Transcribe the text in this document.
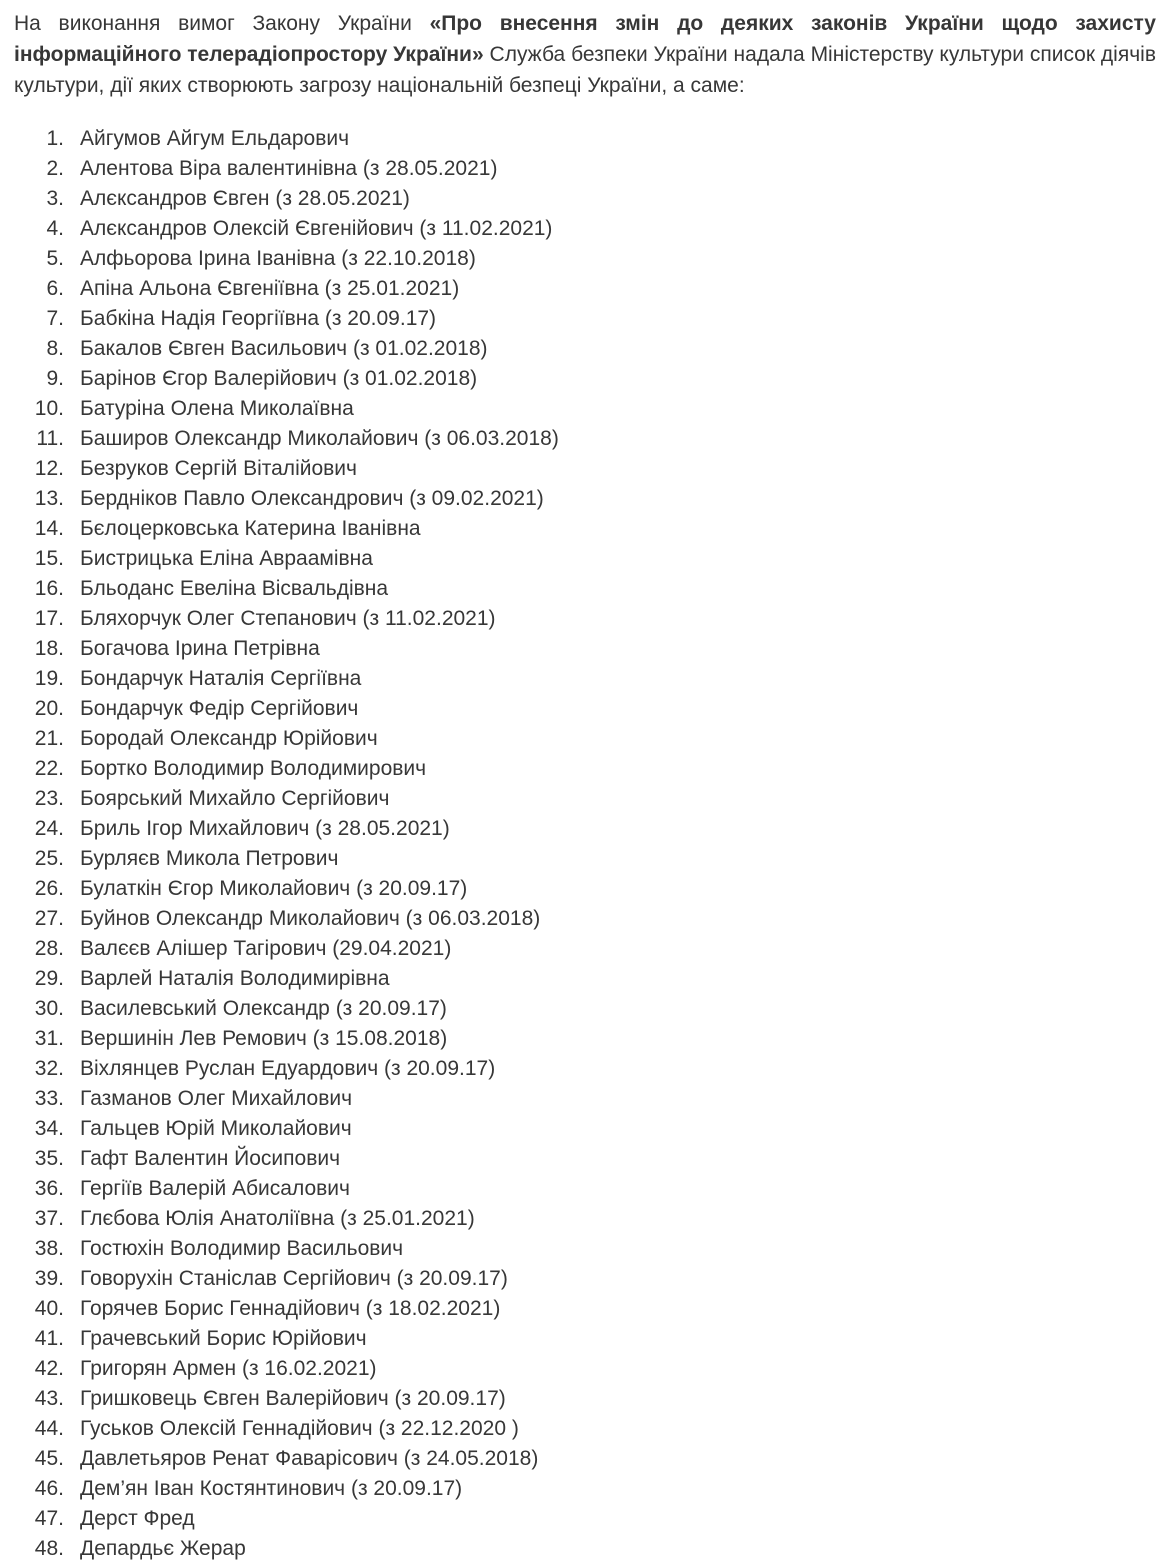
На виконання вимог Закону України «Про внесення змін до деяких законів України щодо захисту інформаційного телерадіопростору України» Служба безпеки України надала Міністерству культури список діячів культури, дії яких створюють загрозу національній безпеці України, а саме:

1. Айгумов Айгум Ельдарович
2. Алентова Віра валентинівна (з 28.05.2021)
3. Алєксандров Євген (з 28.05.2021)
4. Алєксандров Олексій Євгенійович (з 11.02.2021)
5. Алфьорова Ірина Іванівна (з 22.10.2018)
6. Апіна Альона Євгеніївна (з 25.01.2021)
7. Бабкіна Надія Георгіївна (з 20.09.17)
8. Бакалов Євген Васильович (з 01.02.2018)
9. Барінов Єгор Валерійович (з 01.02.2018)
10. Батуріна Олена Миколаївна
11. Баширов Олександр Миколайович (з 06.03.2018)
12. Безруков Сергій Віталійович
13. Бердніков Павло Олександрович (з 09.02.2021)
14. Бєлоцерковська Катерина Іванівна
15. Бистрицька Еліна Авраамівна
16. Бльоданс Евеліна Вісвальдівна
17. Бляхорчук Олег Степанович (з 11.02.2021)
18. Богачова Ірина Петрівна
19. Бондарчук Наталія Сергіївна
20. Бондарчук Федір Сергійович
21. Бородай Олександр Юрійович
22. Бортко Володимир Володимирович
23. Боярський Михайло Сергійович
24. Бриль Ігор Михайлович (з 28.05.2021)
25. Бурляєв Микола Петрович
26. Булаткін Єгор Миколайович (з 20.09.17)
27. Буйнов Олександр Миколайович (з 06.03.2018)
28. Валєєв Алішер Тагірович (29.04.2021)
29. Варлей Наталія Володимирівна
30. Василевський Олександр (з 20.09.17)
31. Вершинін Лев Ремович (з 15.08.2018)
32. Віхлянцев Руслан Едуардович (з 20.09.17)
33. Газманов Олег Михайлович
34. Гальцев Юрій Миколайович
35. Гафт Валентин Йосипович
36. Гергіїв Валерій Абисалович
37. Глєбова Юлія Анатоліївна (з 25.01.2021)
38. Гостюхін Володимир Васильович
39. Говорухін Станіслав Сергійович (з 20.09.17)
40. Горячев Борис Геннадійович (з 18.02.2021)
41. Грачевський Борис Юрійович
42. Григорян Армен (з 16.02.2021)
43. Гришковець Євген Валерійович (з 20.09.17)
44. Гуськов Олексій Геннадійович (з 22.12.2020 )
45. Давлетьяров Ренат Фаварісович (з 24.05.2018)
46. Дем’ян Іван Костянтинович (з 20.09.17)
47. Дерст Фред
48. Депардьє Жерар
